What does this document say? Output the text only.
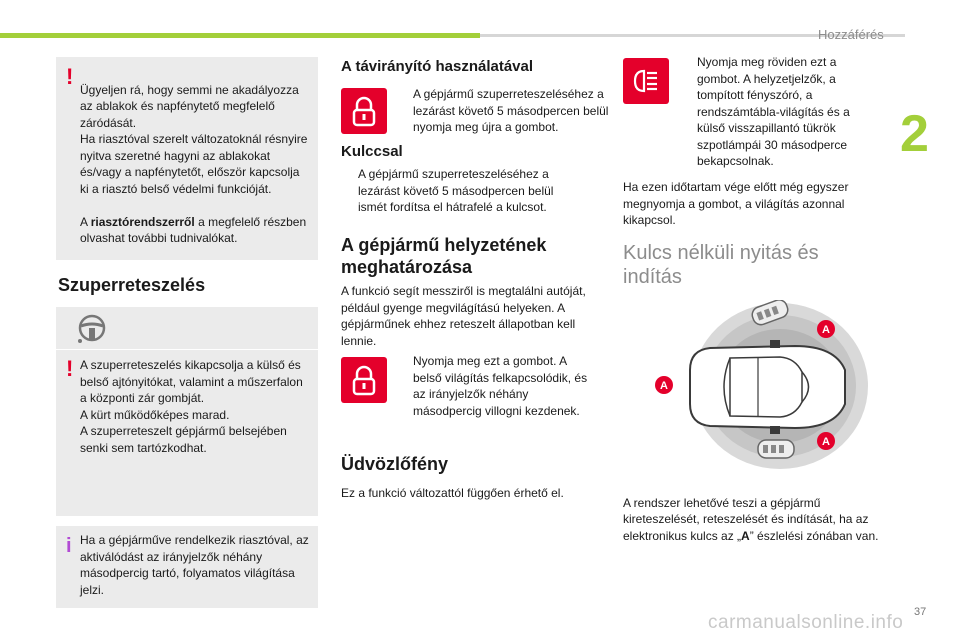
Hozzáférés
2
!

Ügyeljen rá, hogy semmi ne akadályozza az ablakok és napfénytető megfelelő záródását.
Ha riasztóval szerelt változatoknál résnyire nyitva szeretné hagyni az ablakokat és/vagy a napfénytetőt, először kapcsolja ki a riasztó belső védelmi funkcióját.

A riasztórendszerről a megfelelő részben olvashat további tudnivalókat.

Szuperreteszelés
! A szuperreteszelés kikapcsolja a külső és belső ajtónyitókat, valamint a műszerfalon a központi zár gombját.
A kürt működőképes marad.
A szuperreteszelt gépjármű belsejében senki sem tartózkodhat.
i Ha a gépjárműve rendelkezik riasztóval, az aktiválódást az irányjelzők néhány másodpercig tartó, folyamatos világítása jelzi.
A távirányító használatával
A gépjármű szuperreteszeléséhez a lezárást követő 5 másodpercen belül nyomja meg újra a gombot.
Kulccsal
A gépjármű szuperreteszeléséhez a lezárást követő 5 másodpercen belül ismét fordítsa el hátrafelé a kulcsot.
A gépjármű helyzetének meghatározása
A funkció segít messziről is megtalálni autóját, például gyenge megvilágítású helyeken. A gépjárműnek ehhez reteszelt állapotban kell lennie.
Nyomja meg ezt a gombot. A belső világítás felkapcsolódik, és az irányjelzők néhány másodpercig villogni kezdenek.
Üdvözlőfény
Ez a funkció változattól függően érhető el.
Nyomja meg röviden ezt a gombot. A helyzetjelzők, a tompított fényszóró, a rendszámtábla-világítás és a külső visszapillantó tükrök szpotlámpái 30 másodperce bekapcsolnak.
Ha ezen időtartam vége előtt még egyszer megnyomja a gombot, a világítás azonnal kikapcsol.
Kulcs nélküli nyitás és indítás
A
A
A

A rendszer lehetővé teszi a gépjármű kireteszelését, reteszelését és indítását, ha az elektronikus kulcs az „A” észlelési zónában van.

carmanualsonline.info 37
